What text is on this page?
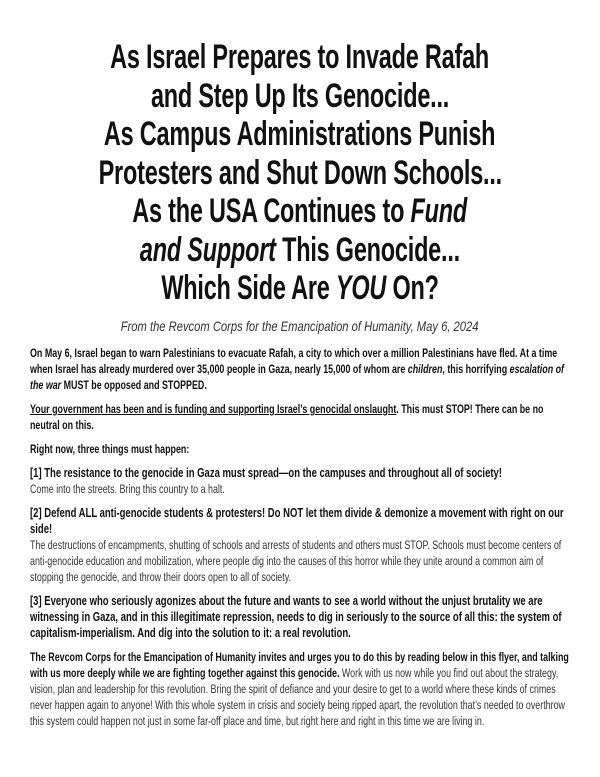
As Israel Prepares to Invade Rafah
and Step Up Its Genocide...
As Campus Administrations Punish
Protesters and Shut Down Schools...
As the USA Continues to Fund
and Support This Genocide...
Which Side Are YOU On?
From the Revcom Corps for the Emancipation of Humanity, May 6, 2024

On May 6, Israel began to warn Palestinians to evacuate Rafah, a city to which over a million Palestinians have fled. At a time when Israel has already murdered over 35,000 people in Gaza, nearly 15,000 of whom are children, this horrifying escalation of the war MUST be opposed and STOPPED.

Your government has been and is funding and supporting Israel’s genocidal onslaught. This must STOP! There can be no neutral on this.

Right now, three things must happen:

[1] The resistance to the genocide in Gaza must spread—on the campuses and throughout all of society!
Come into the streets. Bring this country to a halt.

[2] Defend ALL anti-genocide students & protesters! Do NOT let them divide & demonize a movement with right on our side!
The destructions of encampments, shutting of schools and arrests of students and others must STOP. Schools must become centers of anti-genocide education and mobilization, where people dig into the causes of this horror while they unite around a common aim of stopping the genocide, and throw their doors open to all of society.

[3] Everyone who seriously agonizes about the future and wants to see a world without the unjust brutality we are witnessing in Gaza, and in this illegitimate repression, needs to dig in seriously to the source of all this: the system of capitalism-imperialism. And dig into the solution to it: a real revolution.

The Revcom Corps for the Emancipation of Humanity invites and urges you to do this by reading below in this flyer, and talking with us more deeply while we are fighting together against this genocide. Work with us now while you find out about the strategy, vision, plan and leadership for this revolution. Bring the spirit of defiance and your desire to get to a world where these kinds of crimes never happen again to anyone! With this whole system in crisis and society being ripped apart, the revolution that’s needed to overthrow this system could happen not just in some far-off place and time, but right here and right in this time we are living in.
